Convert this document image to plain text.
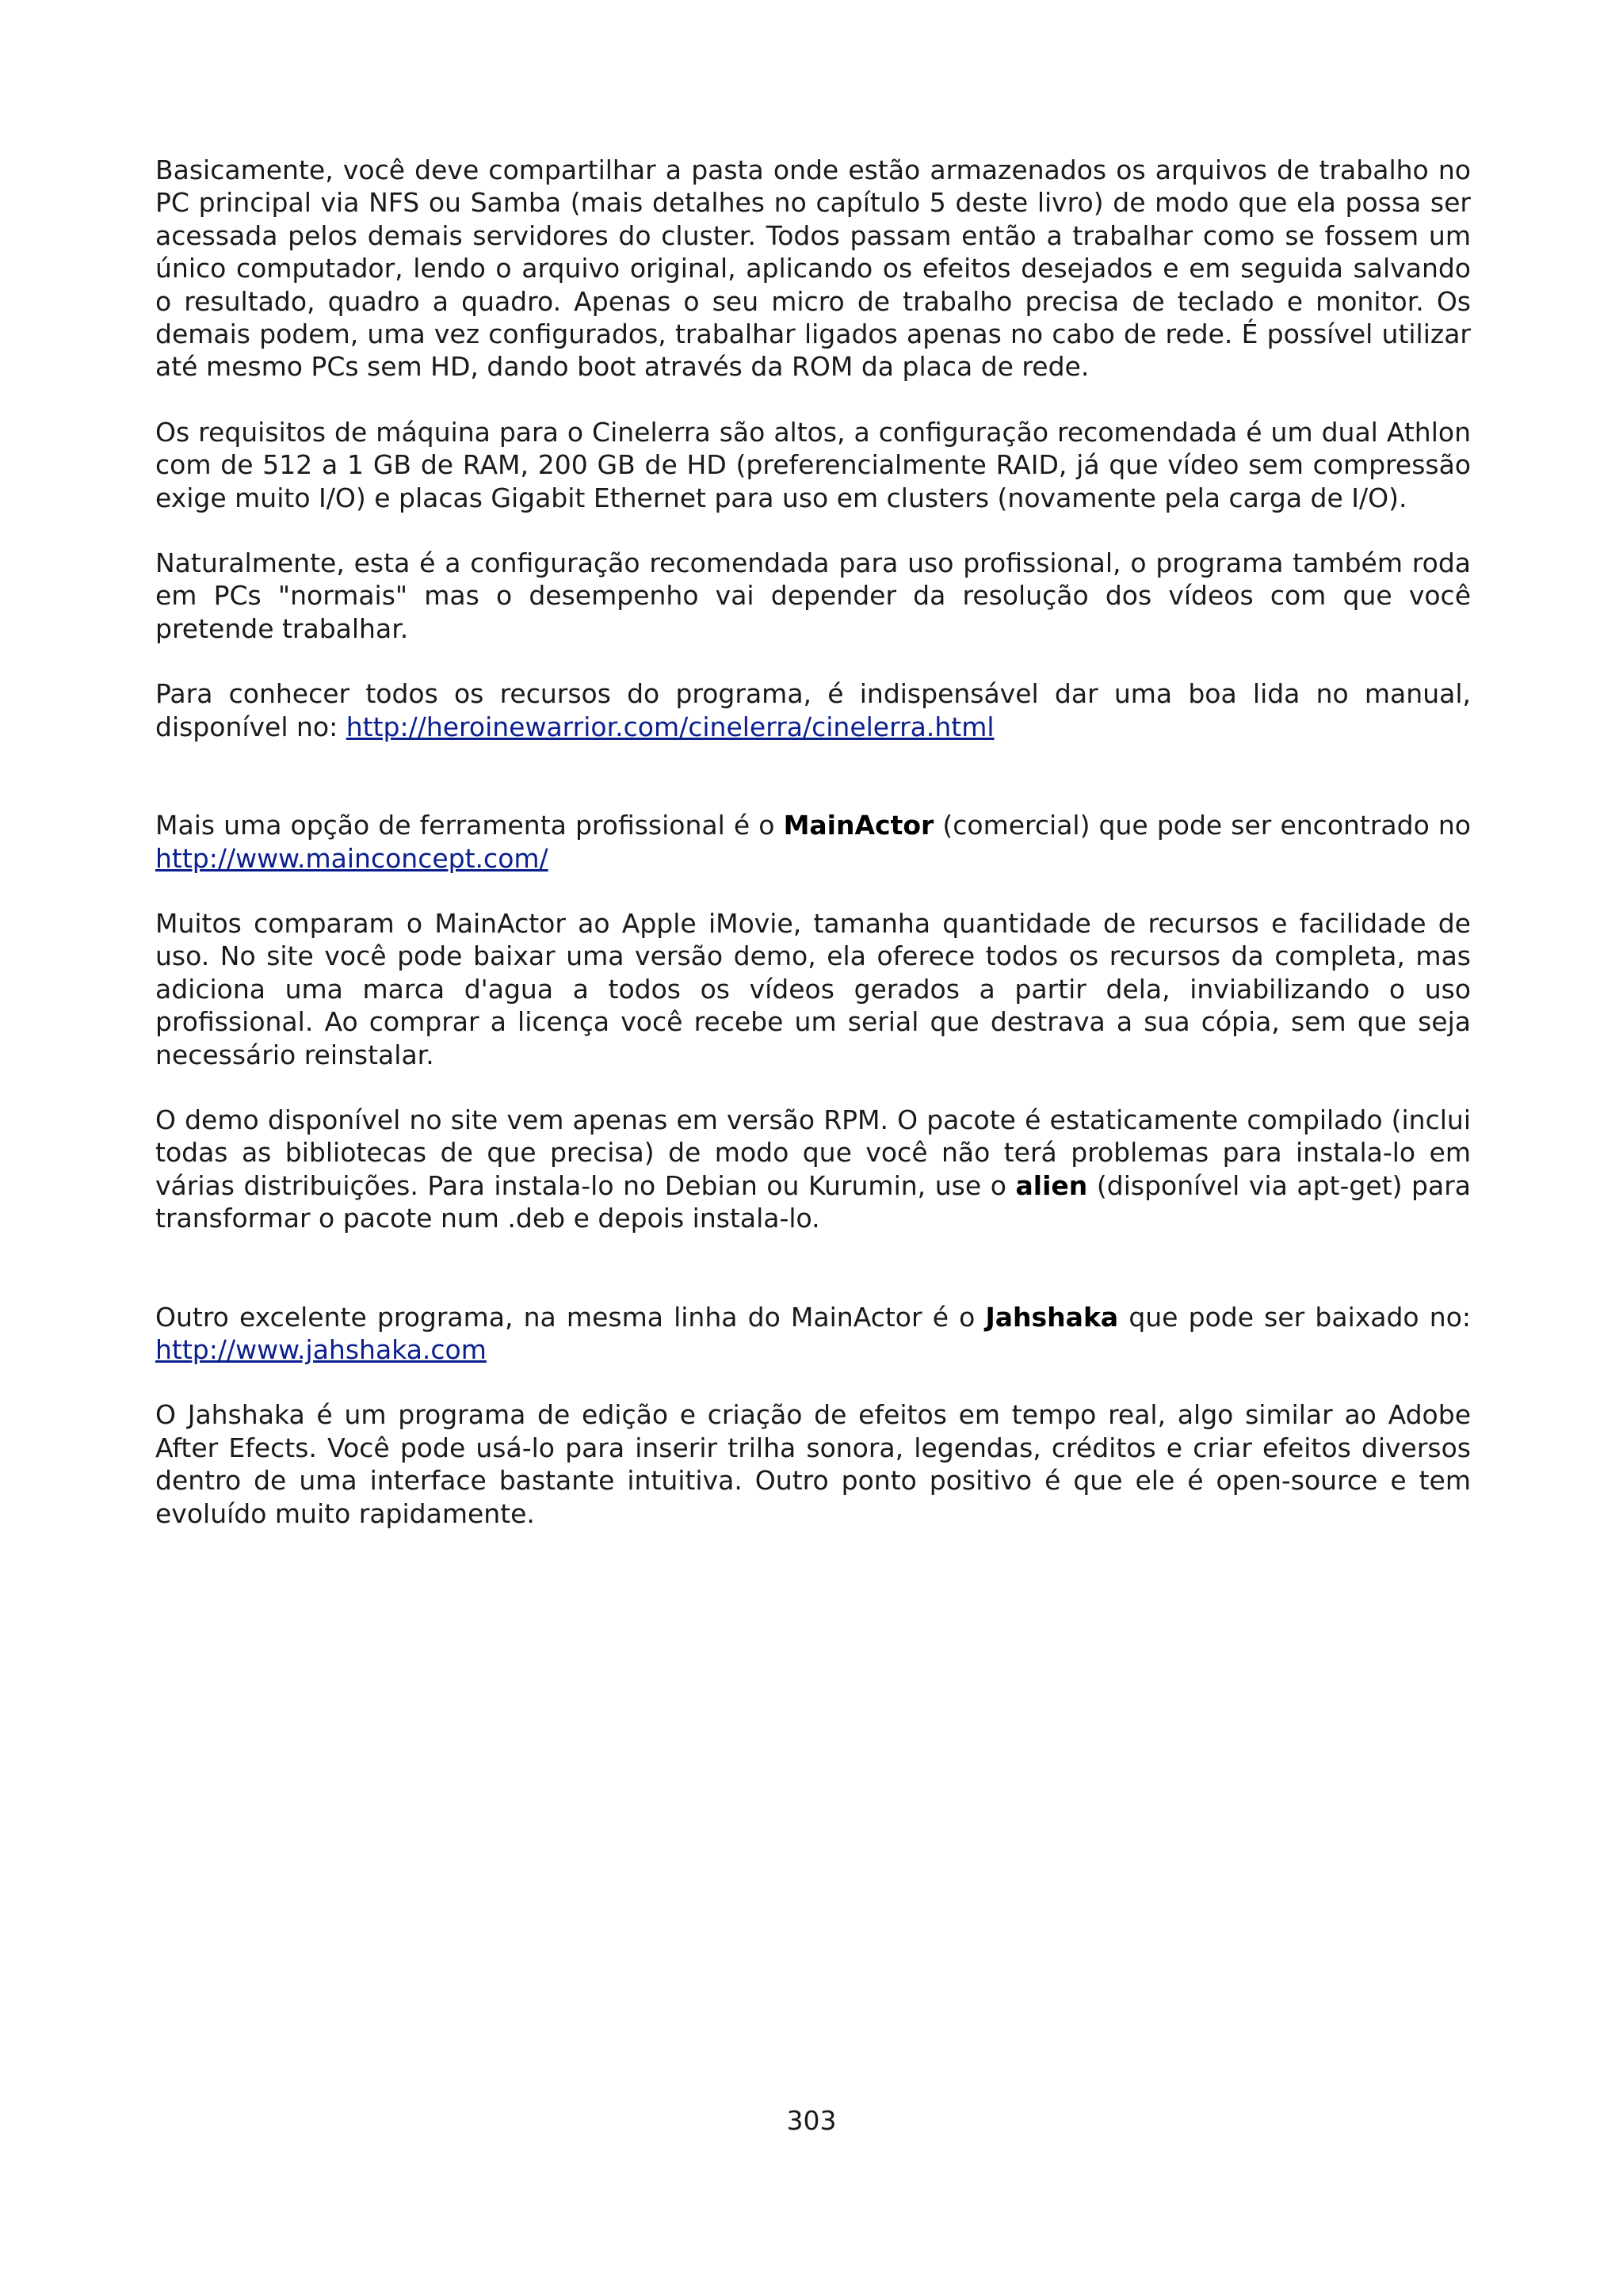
Basicamente, você deve compartilhar a pasta onde estão armazenados os arquivos de trabalho no PC principal via NFS ou Samba (mais detalhes no capítulo 5 deste livro) de modo que ela possa ser acessada pelos demais servidores do cluster. Todos passam então a trabalhar como se fossem um único computador, lendo o arquivo original, aplicando os efeitos desejados e em seguida salvando o resultado, quadro a quadro. Apenas o seu micro de trabalho precisa de teclado e monitor. Os demais podem, uma vez configurados, trabalhar ligados apenas no cabo de rede. É possível utilizar até mesmo PCs sem HD, dando boot através da ROM da placa de rede.

Os requisitos de máquina para o Cinelerra são altos, a configuração recomendada é um dual Athlon com de 512 a 1 GB de RAM, 200 GB de HD (preferencialmente RAID, já que vídeo sem compressão exige muito I/O) e placas Gigabit Ethernet para uso em clusters (novamente pela carga de I/O).

Naturalmente, esta é a configuração recomendada para uso profissional, o programa também roda em PCs "normais" mas o desempenho vai depender da resolução dos vídeos com que você pretende trabalhar.

Para conhecer todos os recursos do programa, é indispensável dar uma boa lida no manual, disponível no: http://heroinewarrior.com/cinelerra/cinelerra.html

Mais uma opção de ferramenta profissional é o MainActor (comercial) que pode ser encontrado no http://www.mainconcept.com/

Muitos comparam o MainActor ao Apple iMovie, tamanha quantidade de recursos e facilidade de uso. No site você pode baixar uma versão demo, ela oferece todos os recursos da completa, mas adiciona uma marca d'agua a todos os vídeos gerados a partir dela, inviabilizando o uso profissional. Ao comprar a licença você recebe um serial que destrava a sua cópia, sem que seja necessário reinstalar.

O demo disponível no site vem apenas em versão RPM. O pacote é estaticamente compilado (inclui todas as bibliotecas de que precisa) de modo que você não terá problemas para instala-lo em várias distribuições. Para instala-lo no Debian ou Kurumin, use o alien (disponível via apt-get) para transformar o pacote num .deb e depois instala-lo.

Outro excelente programa, na mesma linha do MainActor é o Jahshaka que pode ser baixado no: http://www.jahshaka.com

O Jahshaka é um programa de edição e criação de efeitos em tempo real, algo similar ao Adobe After Efects. Você pode usá-lo para inserir trilha sonora, legendas, créditos e criar efeitos diversos dentro de uma interface bastante intuitiva. Outro ponto positivo é que ele é open-source e tem evoluído muito rapidamente.

303
